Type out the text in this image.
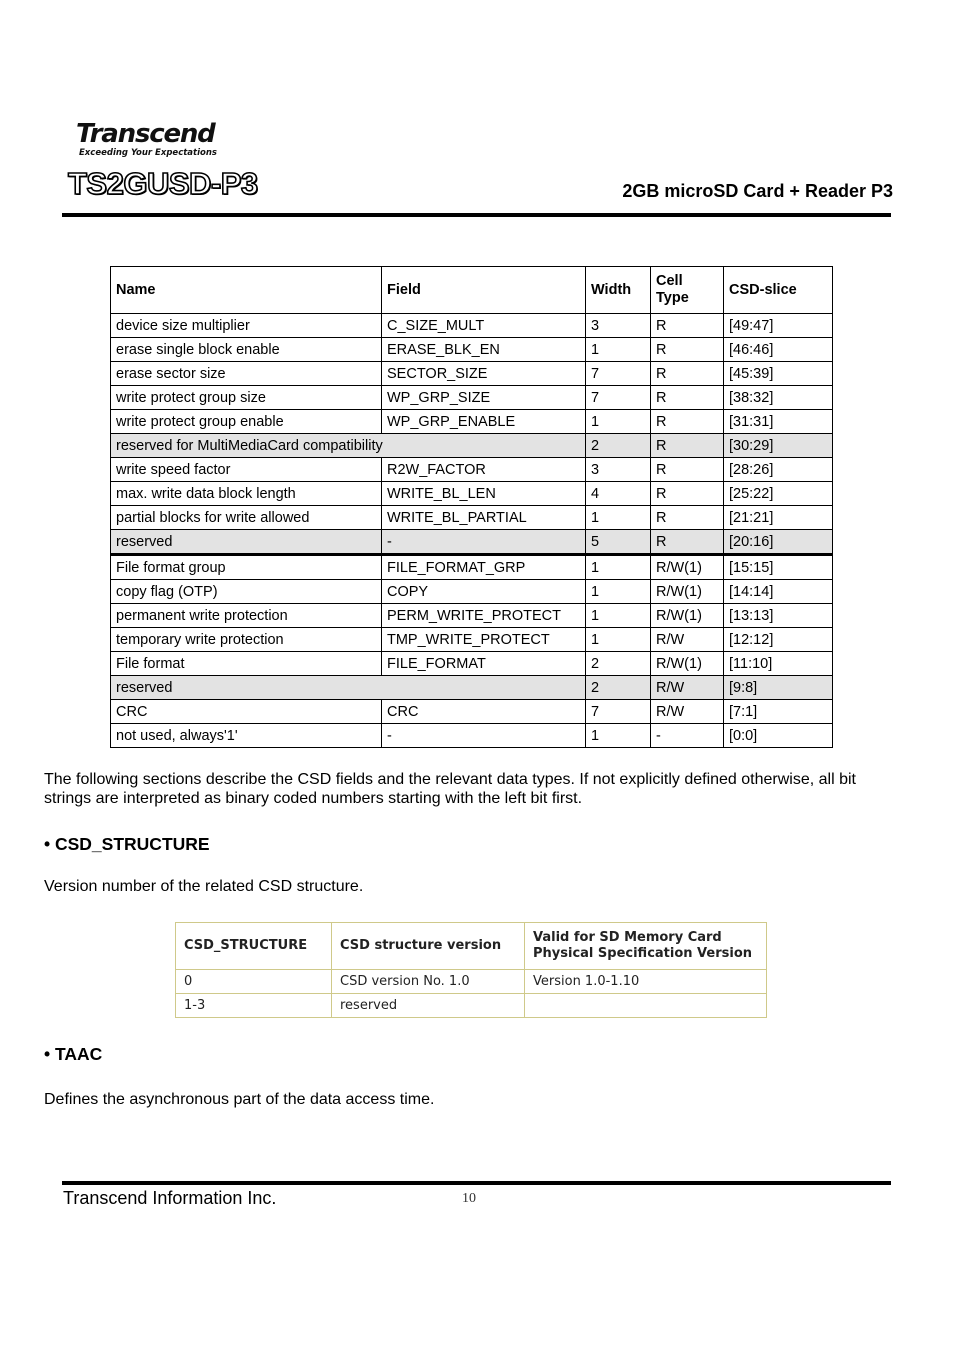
Transcend
Exceeding Your Expectations
TS2GUSD-P3	2GB microSD Card + Reader P3
Name	Field	Width	Cell Type	CSD-slice
device size multiplier	C_SIZE_MULT	3	R	[49:47]
erase single block enable	ERASE_BLK_EN	1	R	[46:46]
erase sector size	SECTOR_SIZE	7	R	[45:39]
write protect group size	WP_GRP_SIZE	7	R	[38:32]
write protect group enable	WP_GRP_ENABLE	1	R	[31:31]
reserved for MultiMediaCard compatibility		2	R	[30:29]
write speed factor	R2W_FACTOR	3	R	[28:26]
max. write data block length	WRITE_BL_LEN	4	R	[25:22]
partial blocks for write allowed	WRITE_BL_PARTIAL	1	R	[21:21]
reserved	-	5	R	[20:16]
File format group	FILE_FORMAT_GRP	1	R/W(1)	[15:15]
copy flag (OTP)	COPY	1	R/W(1)	[14:14]
permanent write protection	PERM_WRITE_PROTECT	1	R/W(1)	[13:13]
temporary write protection	TMP_WRITE_PROTECT	1	R/W	[12:12]
File format	FILE_FORMAT	2	R/W(1)	[11:10]
reserved		2	R/W	[9:8]
CRC	CRC	7	R/W	[7:1]
not used, always'1'	-	1	-	[0:0]
The following sections describe the CSD fields and the relevant data types. If not explicitly defined otherwise, all bit strings are interpreted as binary coded numbers starting with the left bit first.
• CSD_STRUCTURE
Version number of the related CSD structure.
CSD_STRUCTURE	CSD structure version	Valid for SD Memory Card Physical Specification Version
0	CSD version No. 1.0	Version 1.0-1.10
1-3	reserved	
• TAAC
Defines the asynchronous part of the data access time.
Transcend Information Inc.	10
